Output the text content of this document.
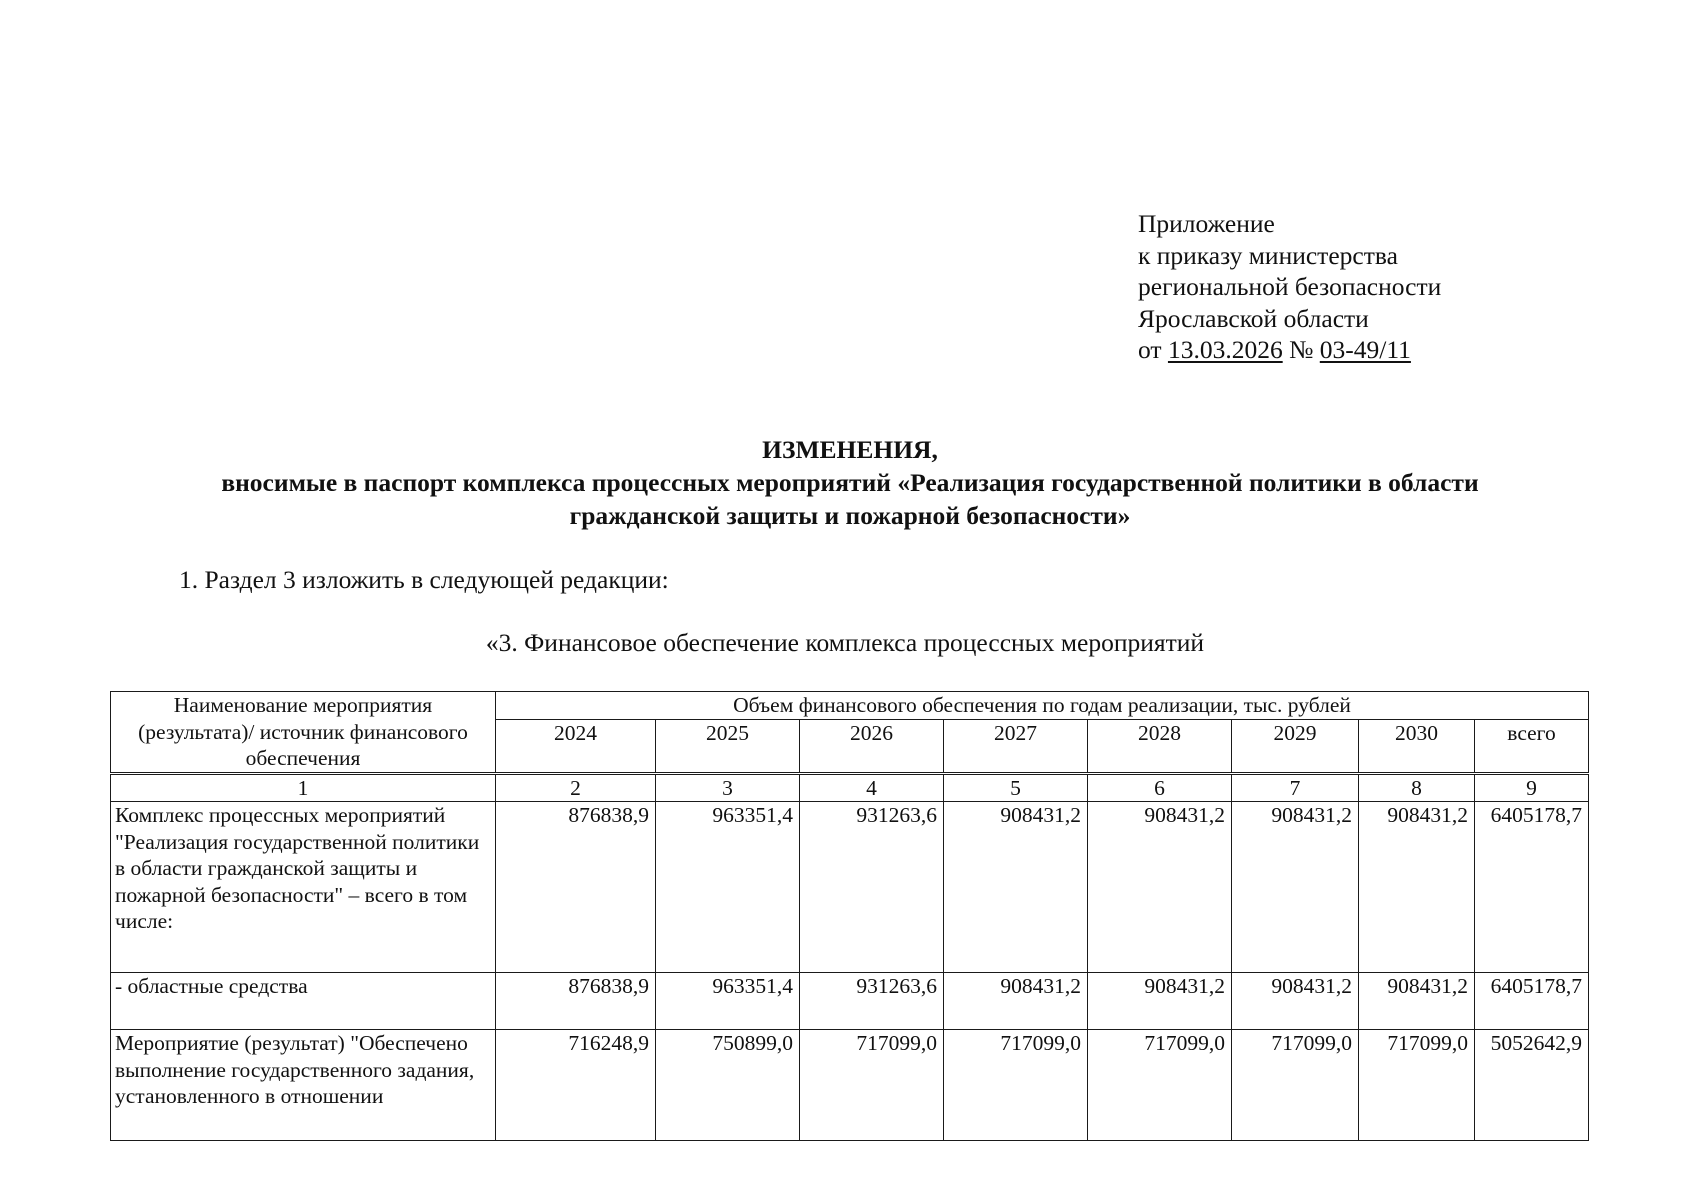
Приложение
к приказу министерства
региональной безопасности
Ярославской области
от 13.03.2026 № 03-49/11
ИЗМЕНЕНИЯ,
вносимые в паспорт комплекса процессных мероприятий «Реализация государственной политики в области
гражданской защиты и пожарной безопасности»
1. Раздел 3 изложить в следующей редакции:
«3. Финансовое обеспечение комплекса процессных мероприятий
Наименование мероприятия (результата)/ источник финансового обеспечения	Объем финансового обеспечения по годам реализации, тыс. рублей							
	2024	2025	2026	2027	2028	2029	2030	всего
1	2	3	4	5	6	7	8	9
Комплекс процессных мероприятий "Реализация государственной политики в области гражданской защиты и пожарной безопасности" – всего в том числе:	876838,9	963351,4	931263,6	908431,2	908431,2	908431,2	908431,2	6405178,7
- областные средства	876838,9	963351,4	931263,6	908431,2	908431,2	908431,2	908431,2	6405178,7
Мероприятие (результат) "Обеспечено выполнение государственного задания, установленного в отношении	716248,9	750899,0	717099,0	717099,0	717099,0	717099,0	717099,0	5052642,9
